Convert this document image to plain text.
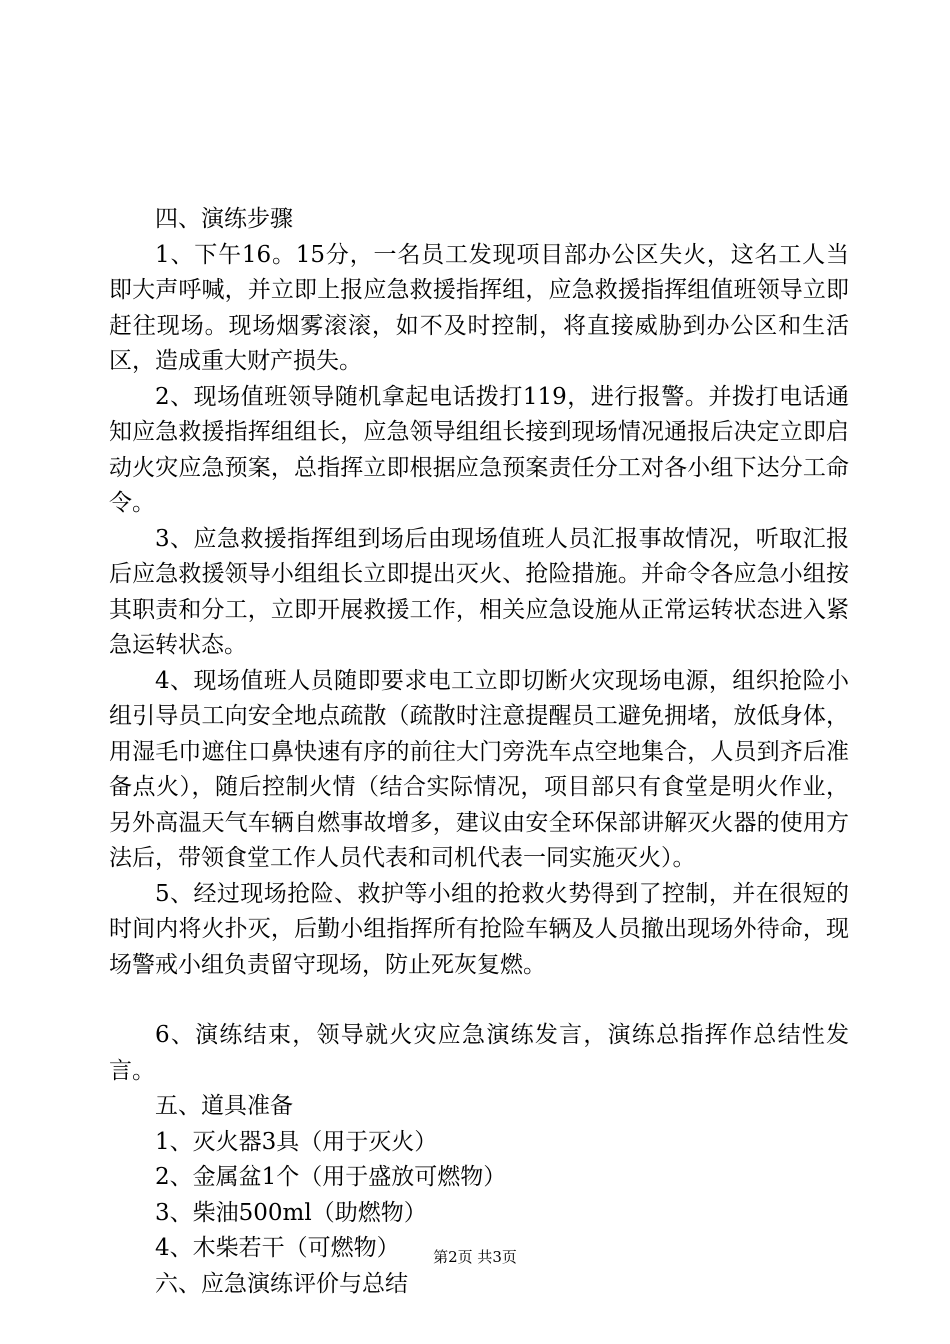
四、演练步骤

1、下午16。15分，一名员工发现项目部办公区失火，这名工人当即大声呼喊，并立即上报应急救援指挥组，应急救援指挥组值班领导立即赶往现场。现场烟雾滚滚，如不及时控制，将直接威胁到办公区和生活区，造成重大财产损失。

2、现场值班领导随机拿起电话拨打119，进行报警。并拨打电话通知应急救援指挥组组长，应急领导组组长接到现场情况通报后决定立即启动火灾应急预案，总指挥立即根据应急预案责任分工对各小组下达分工命令。

3、应急救援指挥组到场后由现场值班人员汇报事故情况，听取汇报后应急救援领导小组组长立即提出灭火、抢险措施。并命令各应急小组按其职责和分工，立即开展救援工作，相关应急设施从正常运转状态进入紧急运转状态。

4、现场值班人员随即要求电工立即切断火灾现场电源，组织抢险小组引导员工向安全地点疏散（疏散时注意提醒员工避免拥堵，放低身体，用湿毛巾遮住口鼻快速有序的前往大门旁洗车点空地集合，人员到齐后准备点火），随后控制火情（结合实际情况，项目部只有食堂是明火作业，另外高温天气车辆自燃事故增多，建议由安全环保部讲解灭火器的使用方法后，带领食堂工作人员代表和司机代表一同实施灭火）。

5、经过现场抢险、救护等小组的抢救火势得到了控制，并在很短的时间内将火扑灭，后勤小组指挥所有抢险车辆及人员撤出现场外待命，现场警戒小组负责留守现场，防止死灰复燃。

6、演练结束，领导就火灾应急演练发言，演练总指挥作总结性发言。

五、道具准备

1、灭火器3具（用于灭火）

2、金属盆1个（用于盛放可燃物）

3、柴油500ml（助燃物）

4、木柴若干（可燃物）

六、应急演练评价与总结

第2页 共3页
